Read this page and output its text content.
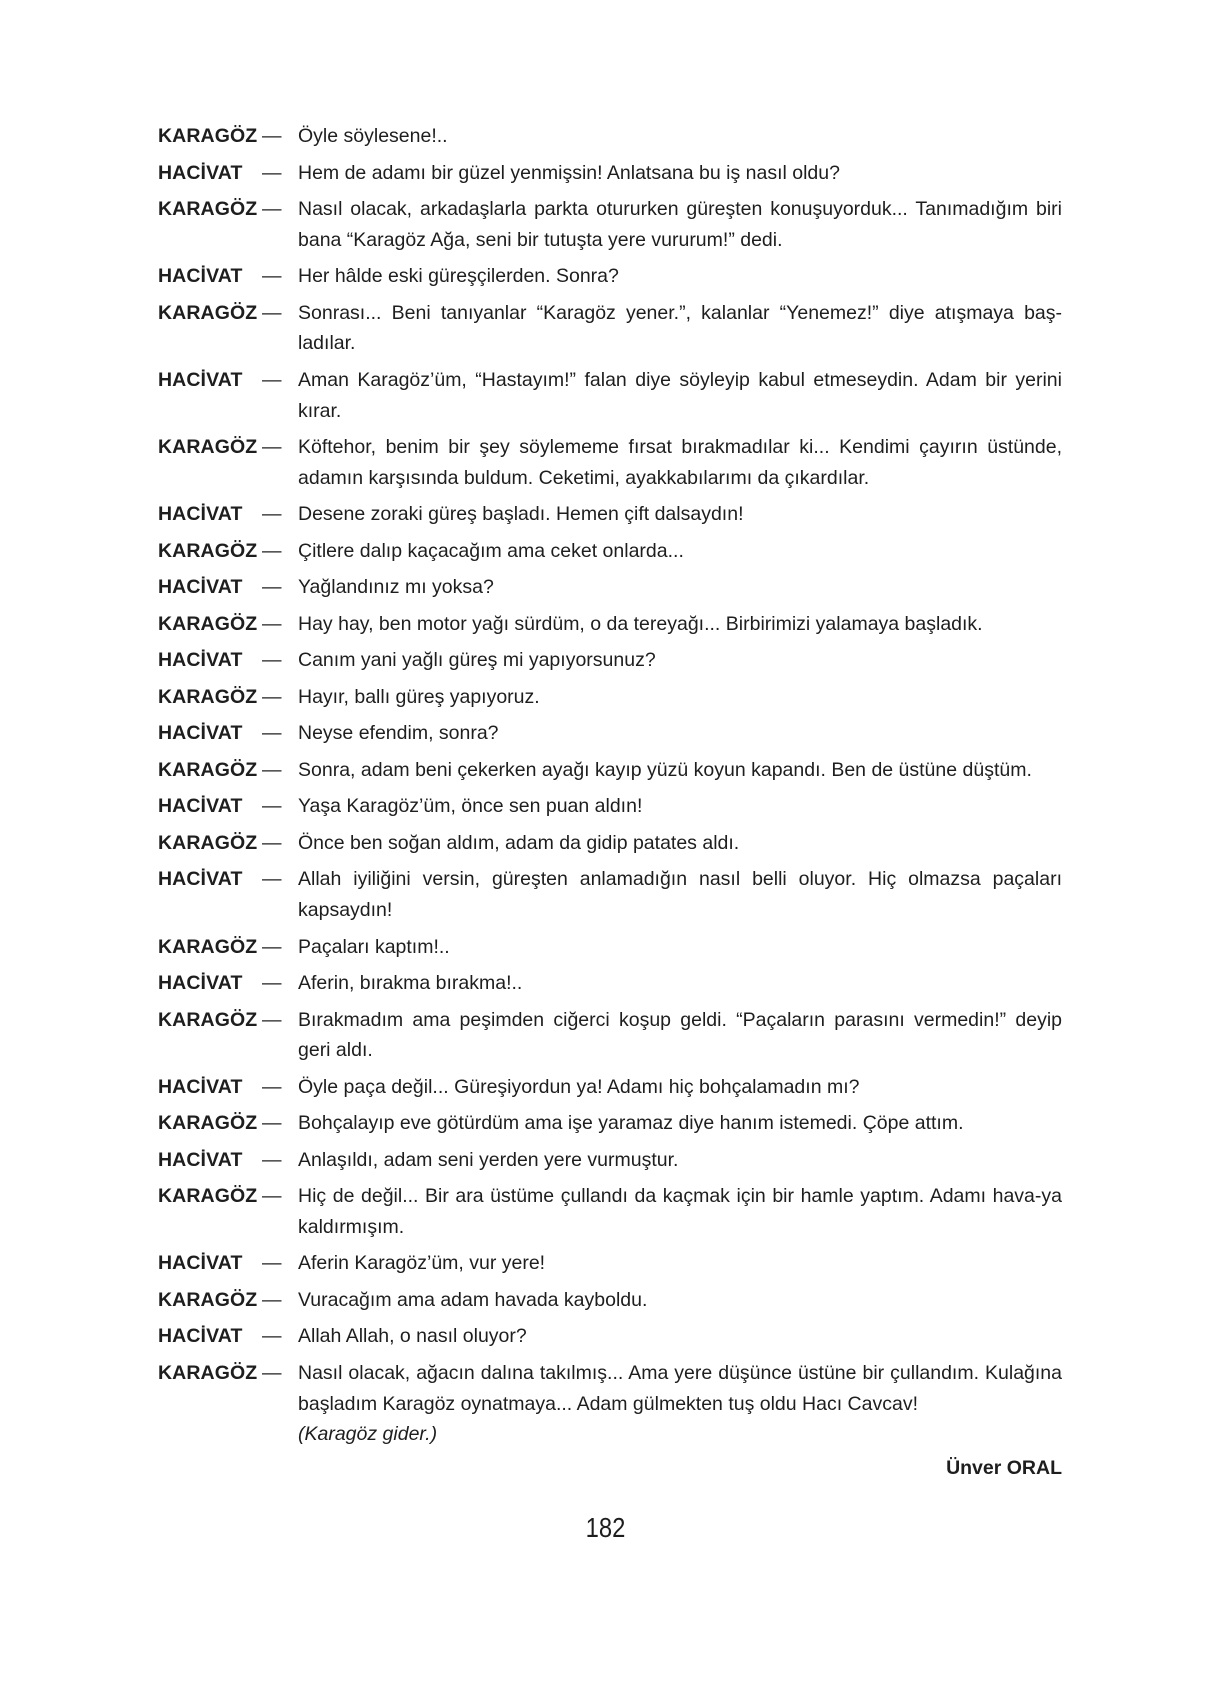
KARAGÖZ — Öyle söylesene!..
HACİVAT	— Hem de adamı bir güzel yenmişsin! Anlatsana bu iş nasıl oldu?
KARAGÖZ — Nasıl olacak, arkadaşlarla parkta otururken güreşten konuşuyorduk... Tanımadığım biri bana “Karagöz Ağa, seni bir tutuşta yere vururum!” dedi.
HACİVAT	— Her hâlde eski güreşçilerden. Sonra?
KARAGÖZ — Sonrası... Beni tanıyanlar “Karagöz yener.”, kalanlar “Yenemez!” diye atışmaya baş-ladılar.
HACİVAT	— Aman Karagöz’üm, “Hastayım!” falan diye söyleyip kabul etmeseydin. Adam bir yerini kırar.
KARAGÖZ — Köftehor, benim bir şey söylememe fırsat bırakmadılar ki... Kendimi çayırın üstünde, adamın karşısında buldum. Ceketimi, ayakkabılarımı da çıkardılar.
HACİVAT	— Desene zoraki güreş başladı. Hemen çift dalsaydın!
KARAGÖZ — Çitlere dalıp kaçacağım ama ceket onlarda...
HACİVAT	— Yağlandınız mı yoksa?
KARAGÖZ — Hay hay, ben motor yağı sürdüm, o da tereyağı... Birbirimizi yalamaya başladık.
HACİVAT	— Canım yani yağlı güreş mi yapıyorsunuz?
KARAGÖZ — Hayır, ballı güreş yapıyoruz.
HACİVAT	— Neyse efendim, sonra?
KARAGÖZ — Sonra, adam beni çekerken ayağı kayıp yüzü koyun kapandı. Ben de üstüne düştüm.
HACİVAT	— Yaşa Karagöz’üm, önce sen puan aldın!
KARAGÖZ — Önce ben soğan aldım, adam da gidip patates aldı.
HACİVAT	— Allah iyiliğini versin, güreşten anlamadığın nasıl belli oluyor. Hiç olmazsa paçaları kapsaydın!
KARAGÖZ — Paçaları kaptım!..
HACİVAT	— Aferin, bırakma bırakma!..
KARAGÖZ — Bırakmadım ama peşimden ciğerci koşup geldi. “Paçaların parasını vermedin!” deyip geri aldı.
HACİVAT	— Öyle paça değil... Güreşiyordun ya! Adamı hiç bohçalamadın mı?
KARAGÖZ — Bohçalayıp eve götürdüm ama işe yaramaz diye hanım istemedi. Çöpe attım.
HACİVAT	— Anlaşıldı, adam seni yerden yere vurmuştur.
KARAGÖZ — Hiç de değil... Bir ara üstüme çullandı da kaçmak için bir hamle yaptım. Adamı hava-ya kaldırmışım.
HACİVAT	— Aferin Karagöz’üm, vur yere!
KARAGÖZ — Vuracağım ama adam havada kayboldu.
HACİVAT	— Allah Allah, o nasıl oluyor?
KARAGÖZ — Nasıl olacak, ağacın dalına takılmış... Ama yere düşünce üstüne bir çullandım. Kulağına başladım Karagöz oynatmaya... Adam gülmekten tuş oldu Hacı Cavcav!
(Karagöz gider.)
Ünver ORAL
182
